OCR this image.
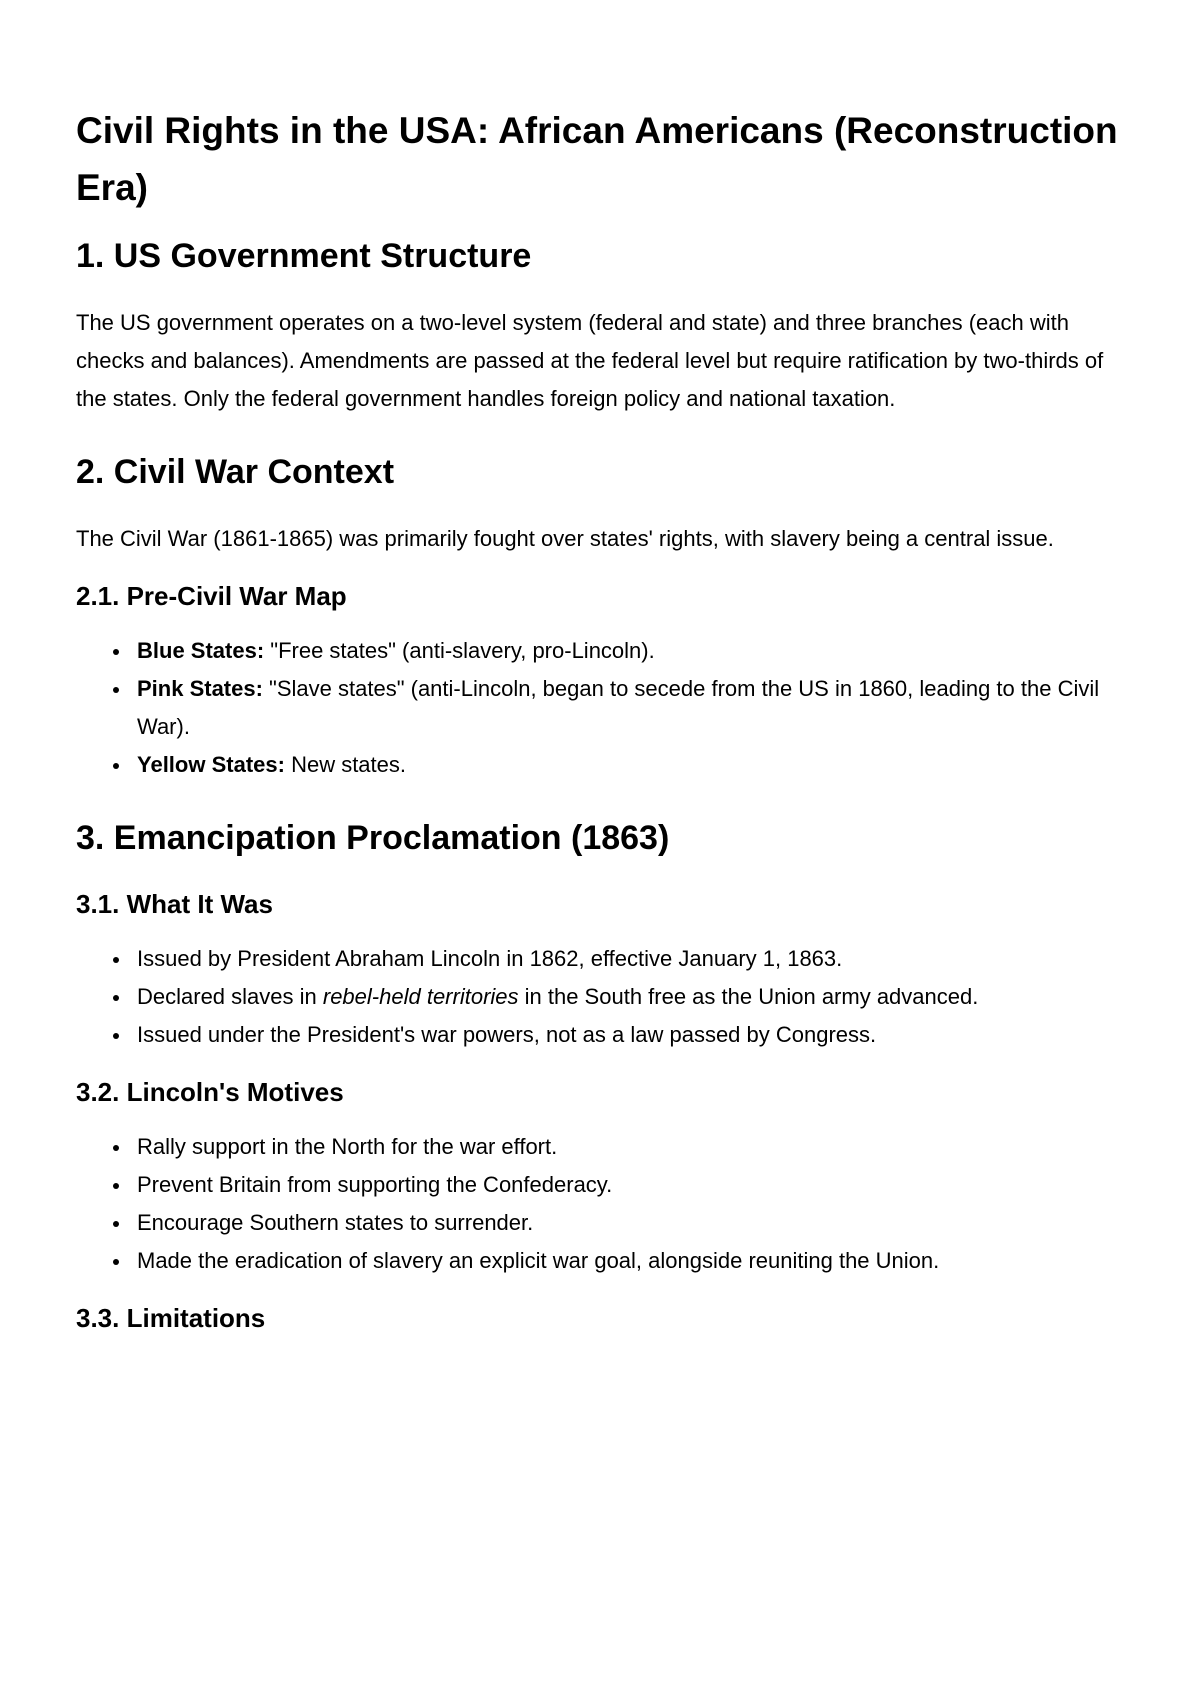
Civil Rights in the USA: African Americans (Reconstruction Era)
1. US Government Structure

The US government operates on a two-level system (federal and state) and three branches (each with checks and balances). Amendments are passed at the federal level but require ratification by two-thirds of the states. Only the federal government handles foreign policy and national taxation.

2. Civil War Context

The Civil War (1861-1865) was primarily fought over states' rights, with slavery being a central issue.

2.1. Pre-Civil War Map
Blue States: "Free states" (anti-slavery, pro-Lincoln).
Pink States: "Slave states" (anti-Lincoln, began to secede from the US in 1860, leading to the Civil War).
Yellow States: New states.
3. Emancipation Proclamation (1863)
3.1. What It Was
Issued by President Abraham Lincoln in 1862, effective January 1, 1863.
Declared slaves in rebel-held territories in the South free as the Union army advanced.
Issued under the President's war powers, not as a law passed by Congress.
3.2. Lincoln's Motives
Rally support in the North for the war effort.
Prevent Britain from supporting the Confederacy.
Encourage Southern states to surrender.
Made the eradication of slavery an explicit war goal, alongside reuniting the Union.
3.3. Limitations
